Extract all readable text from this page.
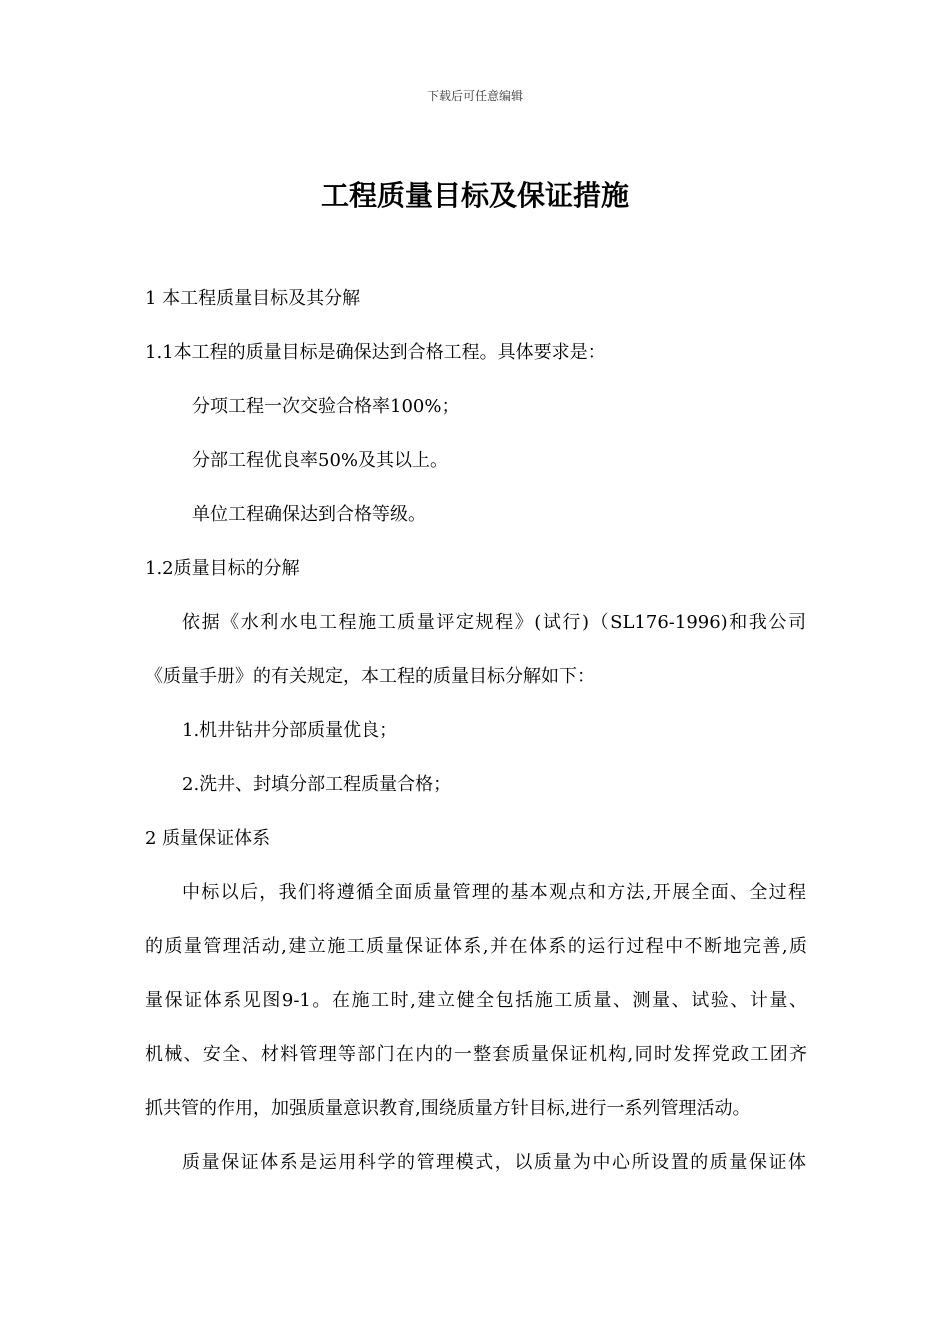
下载后可任意编辑
工程质量目标及保证措施

1 本工程质量目标及其分解

1.1本工程的质量目标是确保达到合格工程。具体要求是：

分项工程一次交验合格率100%；

分部工程优良率50%及其以上。

单位工程确保达到合格等级。

1.2质量目标的分解

依据《水利水电工程施工质量评定规程》(试行)（SL176-1996)和我公司

《质量手册》的有关规定，本工程的质量目标分解如下：

1.机井钻井分部质量优良；

2.洗井、封填分部工程质量合格；

2 质量保证体系

中标以后，我们将遵循全面质量管理的基本观点和方法,开展全面、全过程

的质量管理活动,建立施工质量保证体系,并在体系的运行过程中不断地完善,质

量保证体系见图9-1。在施工时,建立健全包括施工质量、测量、试验、计量、

机械、安全、材料管理等部门在内的一整套质量保证机构,同时发挥党政工团齐

抓共管的作用，加强质量意识教育,围绕质量方针目标,进行一系列管理活动。

质量保证体系是运用科学的管理模式，以质量为中心所设置的质量保证体
